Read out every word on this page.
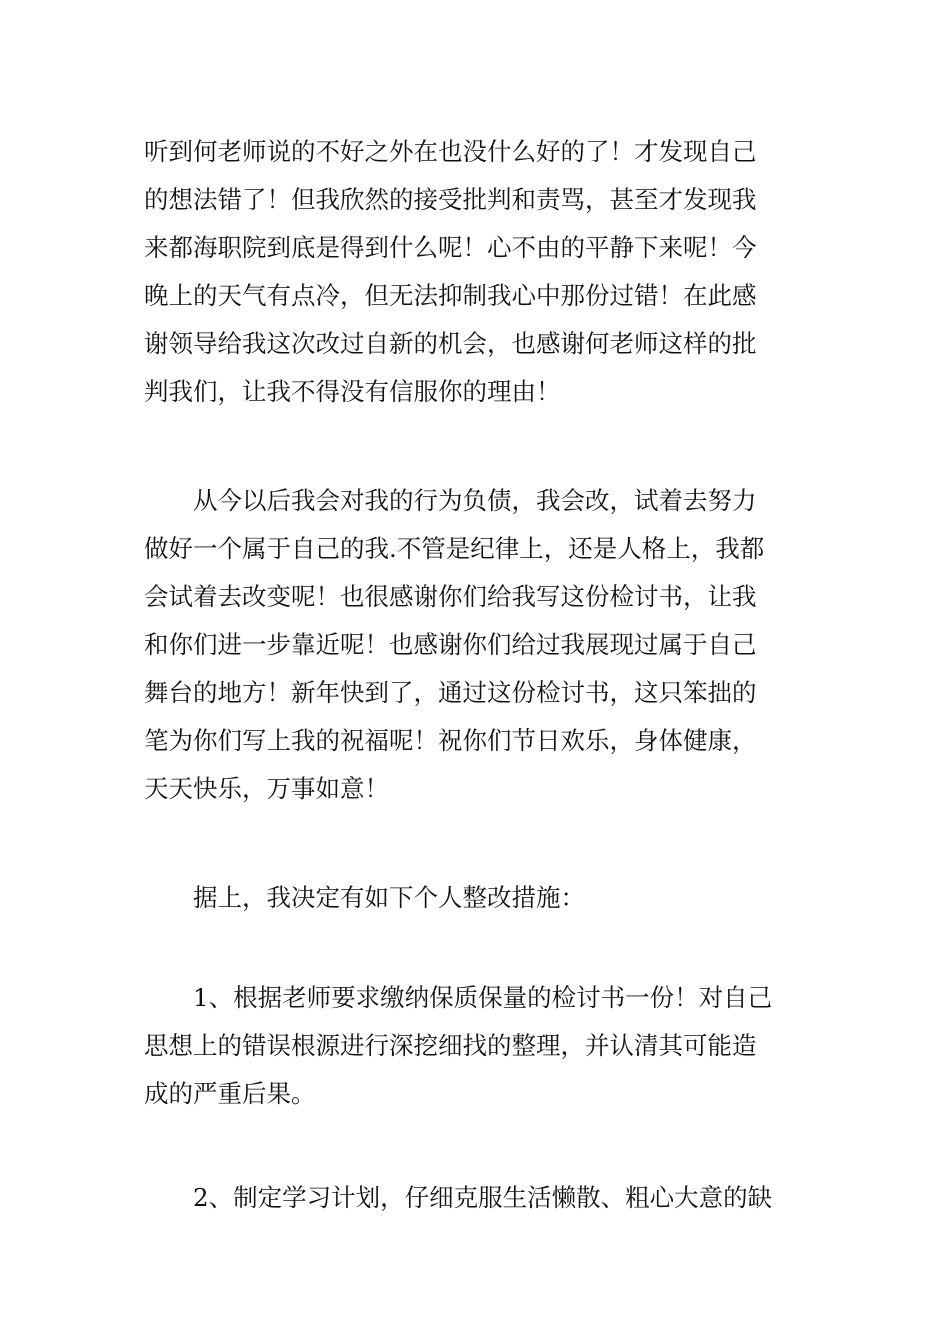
听到何老师说的不好之外在也没什么好的了！才发现自己
的想法错了！但我欣然的接受批判和责骂，甚至才发现我
来都海职院到底是得到什么呢！心不由的平静下来呢！今
晚上的天气有点冷，但无法抑制我心中那份过错！在此感
谢领导给我这次改过自新的机会，也感谢何老师这样的批
判我们，让我不得没有信服你的理由！
　　从今以后我会对我的行为负债，我会改，试着去努力
做好一个属于自己的我.不管是纪律上，还是人格上，我都
会试着去改变呢！也很感谢你们给我写这份检讨书，让我
和你们进一步靠近呢！也感谢你们给过我展现过属于自己
舞台的地方！新年快到了，通过这份检讨书，这只笨拙的
笔为你们写上我的祝福呢！祝你们节日欢乐，身体健康，
天天快乐，万事如意！
　　据上，我决定有如下个人整改措施：
　　1、根据老师要求缴纳保质保量的检讨书一份！对自己
思想上的错误根源进行深挖细找的整理，并认清其可能造
成的严重后果。
　　2、制定学习计划，仔细克服生活懒散、粗心大意的缺
